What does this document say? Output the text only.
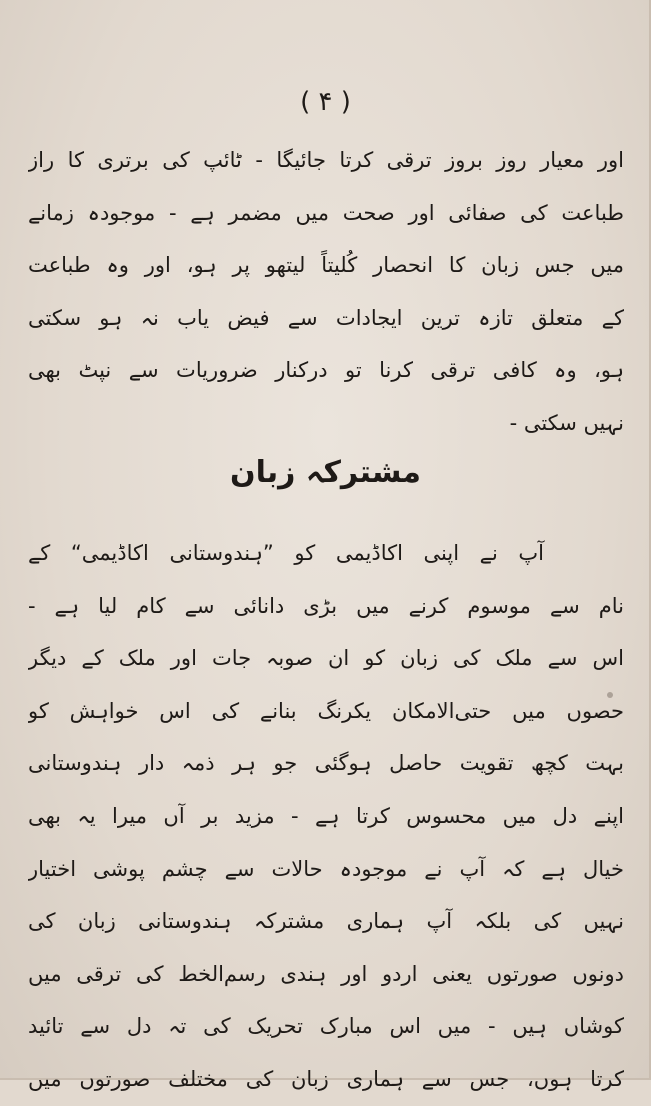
( ۴ )
اور معیار روز بروز ترقی کرتا جائیگا - ٹائپ کی برتری کا راز
طباعت کی صفائی اور صحت میں مضمر ہے - موجودہ زمانے
میں جس زبان کا انحصار کُلیتاً لیتھو پر ہو، اور وہ طباعت
کے متعلق تازہ ترین ایجادات سے فیض یاب نہ ہو سکتی
ہو، وہ کافی ترقی کرنا تو درکنار ضروریات سے نپٹ بھی
نہیں سکتی -
مشترکہ زبان
آپ نے اپنی اکاڈیمی کو ”ہندوستانی اکاڈیمی“ کے
نام سے موسوم کرنے میں بڑی دانائی سے کام لیا ہے -
اس سے ملک کی زبان کو ان صوبہ جات اور ملک کے دیگر
حصوں میں حتی‌الامکان یکرنگ بنانے کی اس خواہش کو
بہت کچھ تقویت حاصل ہوگئی جو ہر ذمہ دار ہندوستانی
اپنے دل میں محسوس کرتا ہے - مزید بر آں میرا یہ بھی
خیال ہے کہ آپ نے موجودہ حالات سے چشم پوشی اختیار
نہیں کی بلکہ آپ ہماری مشترکہ ہندوستانی زبان کی
دونوں صورتوں یعنی اردو اور ہندی رسم‌الخط کی ترقی میں
کوشاں ہیں - میں اس مبارک تحریک کی تہ دل سے تائید
کرتا ہوں، جس سے ہماری زبان کی مختلف صورتوں میں
